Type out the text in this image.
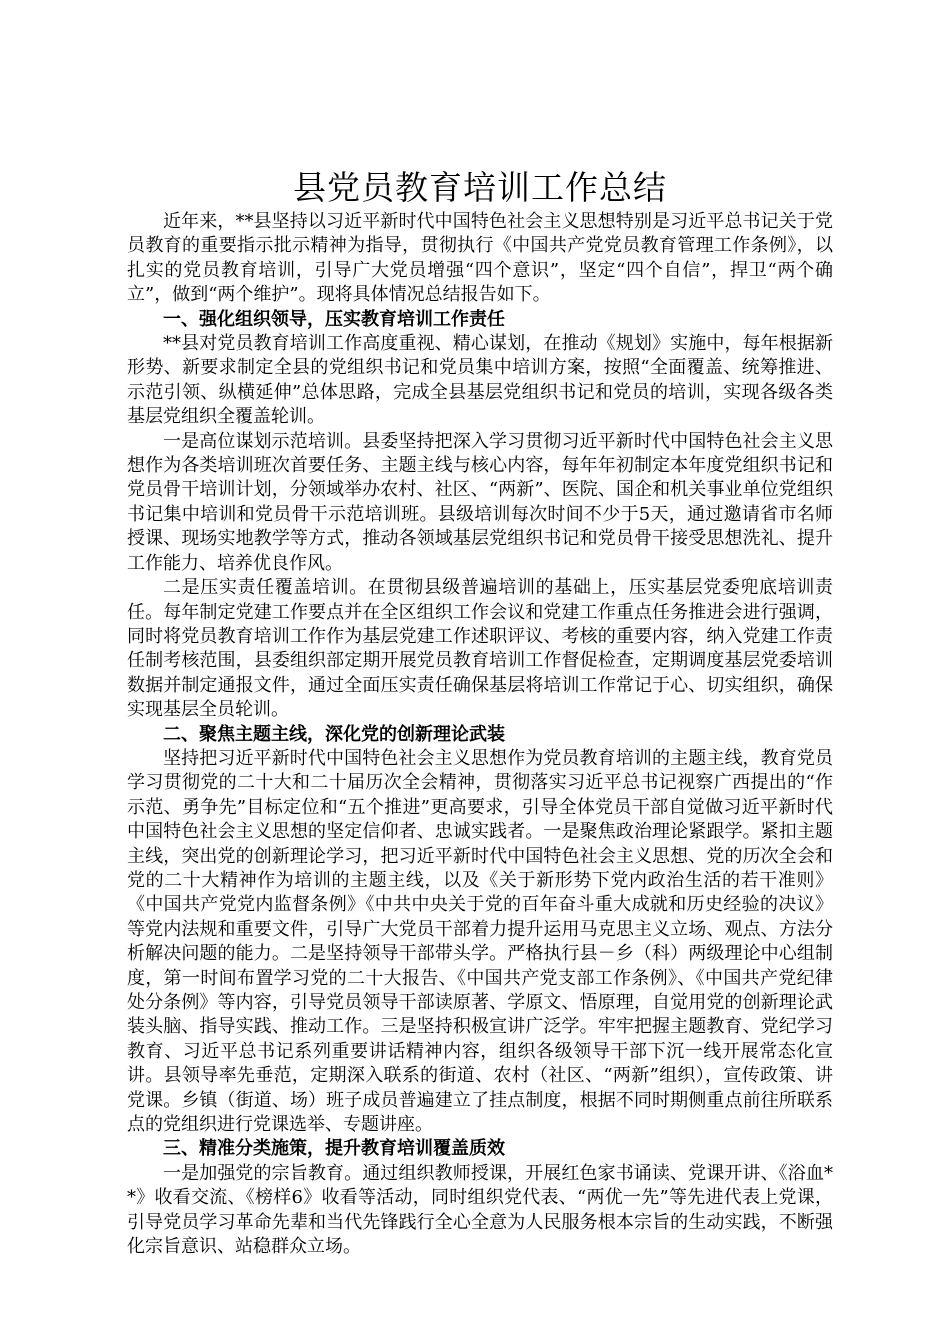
县党员教育培训工作总结

近年来，**县坚持以习近平新时代中国特色社会主义思想特别是习近平总书记关于党员教育的重要指示批示精神为指导，贯彻执行《中国共产党党员教育管理工作条例》，以扎实的党员教育培训，引导广大党员增强“四个意识”，坚定“四个自信”，捍卫“两个确立”，做到“两个维护”。现将具体情况总结报告如下。

一、强化组织领导，压实教育培训工作责任

**县对党员教育培训工作高度重视、精心谋划，在推动《规划》实施中，每年根据新形势、新要求制定全县的党组织书记和党员集中培训方案，按照“全面覆盖、统筹推进、示范引领、纵横延伸”总体思路，完成全县基层党组织书记和党员的培训，实现各级各类基层党组织全覆盖轮训。

一是高位谋划示范培训。县委坚持把深入学习贯彻习近平新时代中国特色社会主义思想作为各类培训班次首要任务、主题主线与核心内容，每年年初制定本年度党组织书记和党员骨干培训计划，分领域举办农村、社区、“两新”、医院、国企和机关事业单位党组织书记集中培训和党员骨干示范培训班。县级培训每次时间不少于5天，通过邀请省市名师授课、现场实地教学等方式，推动各领域基层党组织书记和党员骨干接受思想洗礼、提升工作能力、培养优良作风。

二是压实责任覆盖培训。在贯彻县级普遍培训的基础上，压实基层党委兜底培训责任。每年制定党建工作要点并在全区组织工作会议和党建工作重点任务推进会进行强调，同时将党员教育培训工作作为基层党建工作述职评议、考核的重要内容，纳入党建工作责任制考核范围，县委组织部定期开展党员教育培训工作督促检查，定期调度基层党委培训数据并制定通报文件，通过全面压实责任确保基层将培训工作常记于心、切实组织，确保实现基层全员轮训。

二、聚焦主题主线，深化党的创新理论武装

坚持把习近平新时代中国特色社会主义思想作为党员教育培训的主题主线，教育党员学习贯彻党的二十大和二十届历次全会精神，贯彻落实习近平总书记视察广西提出的“作示范、勇争先”目标定位和“五个推进”更高要求，引导全体党员干部自觉做习近平新时代中国特色社会主义思想的坚定信仰者、忠诚实践者。一是聚焦政治理论紧跟学。紧扣主题主线，突出党的创新理论学习，把习近平新时代中国特色社会主义思想、党的历次全会和党的二十大精神作为培训的主题主线，以及《关于新形势下党内政治生活的若干准则》《中国共产党党内监督条例》《中共中央关于党的百年奋斗重大成就和历史经验的决议》等党内法规和重要文件，引导广大党员干部着力提升运用马克思主义立场、观点、方法分析解决问题的能力。二是坚持领导干部带头学。严格执行县－乡（科）两级理论中心组制度，第一时间布置学习党的二十大报告、《中国共产党支部工作条例》、《中国共产党纪律处分条例》等内容，引导党员领导干部读原著、学原文、悟原理，自觉用党的创新理论武装头脑、指导实践、推动工作。三是坚持积极宣讲广泛学。牢牢把握主题教育、党纪学习教育、习近平总书记系列重要讲话精神内容，组织各级领导干部下沉一线开展常态化宣讲。县领导率先垂范，定期深入联系的街道、农村（社区、“两新”组织），宣传政策、讲党课。乡镇（街道、场）班子成员普遍建立了挂点制度，根据不同时期侧重点前往所联系点的党组织进行党课选举、专题讲座。

三、精准分类施策，提升教育培训覆盖质效

一是加强党的宗旨教育。通过组织教师授课，开展红色家书诵读、党课开讲、《浴血**》收看交流、《榜样6》收看等活动，同时组织党代表、“两优一先”等先进代表上党课，引导党员学习革命先辈和当代先锋践行全心全意为人民服务根本宗旨的生动实践，不断强化宗旨意识、站稳群众立场。
